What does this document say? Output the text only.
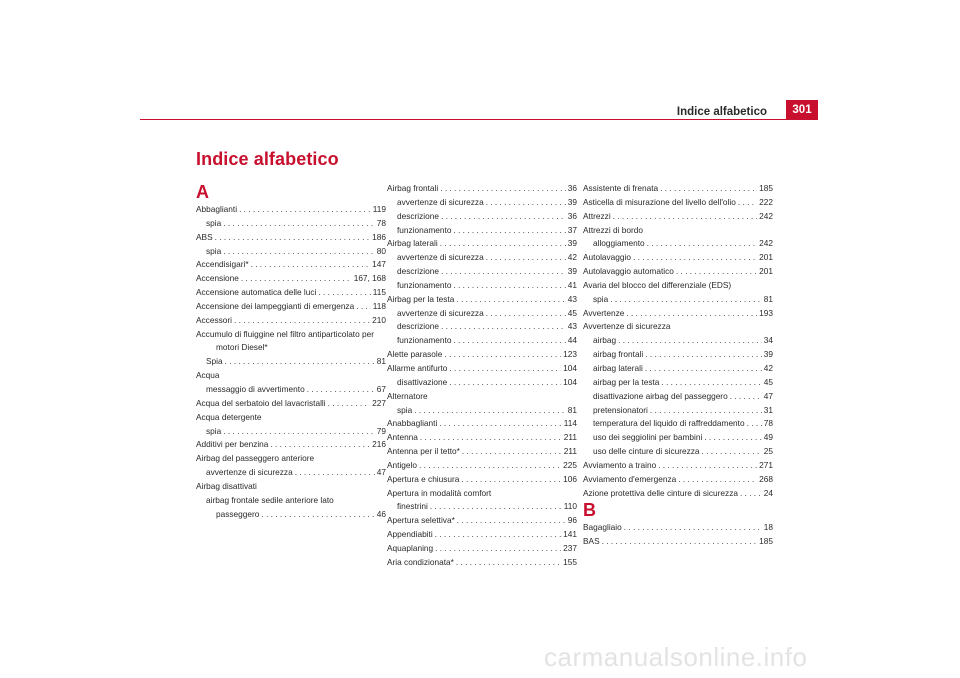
Indice alfabetico	301
Indice alfabetico
A
Abbaglianti . . .	119
spia . . .	78
ABS . . .	186
spia . . .	80
Accendisigari* . . .	147
Accensione . . .	167, 168
Accensione automatica delle luci . . .	115
Accensione dei lampeggianti di emergenza . . . 118
Accessori . . .	210
Accumulo di fluiggine nel filtro antiparticolato per
motori Diesel*
Spia . . .	81
Acqua
messaggio di avvertimento . . .	67
Acqua del serbatoio del lavacristalli . . .	227
Acqua detergente
spia . . .	79
Additivi per benzina . . .	216
Airbag del passeggero anteriore
avvertenze di sicurezza . . .	47
Airbag disattivati
airbag frontale sedile anteriore lato
passeggero . . .	46
Airbag frontali . . .	36
avvertenze di sicurezza . . .	39
descrizione . . .	36
funzionamento . . .	37
Airbag laterali . . .	39
avvertenze di sicurezza . . .	42
descrizione . . .	39
funzionamento . . .	41
Airbag per la testa . . .	43
avvertenze di sicurezza . . .	45
descrizione . . .	43
funzionamento . . .	44
Alette parasole . . .	123
Allarme antifurto . . .	104
disattivazione . . .	104
Alternatore
spia . . .	81
Anabbaglianti . . .	114
Antenna . . .	211
Antenna per il tetto* . . .	211
Antigelo . . .	225
Apertura e chiusura . . .	106
Apertura in modalità comfort
finestrini . . .	110
Apertura selettiva* . . .	96
Appendiabiti . . .	141
Aquaplaning . . .	237
Aria condizionata* . . .	155
Assistente di frenata . . .	185
Asticella di misurazione del livello dell'olio . . .	222
Attrezzi . . .	242
Attrezzi di bordo
alloggiamento . . .	242
Autolavaggio . . .	201
Autolavaggio automatico . . .	201
Avaria del blocco del differenziale (EDS)
spia . . .	81
Avvertenze . . .	193
Avvertenze di sicurezza
airbag . . .	34
airbag frontali . . .	39
airbag laterali . . .	42
airbag per la testa . . .	45
disattivazione airbag del passeggero . . .	47
pretensionatori . . .	31
temperatura del liquido di raffreddamento . . . 78
uso dei seggiolini per bambini . . .	49
uso delle cinture di sicurezza . . .	25
Avviamento a traino . . .	271
Avviamento d'emergenza . . .	268
Azione protettiva delle cinture di sicurezza . . .	24
B
Bagagliaio . . .	18
BAS . . .	185
carmanualsonline.info
